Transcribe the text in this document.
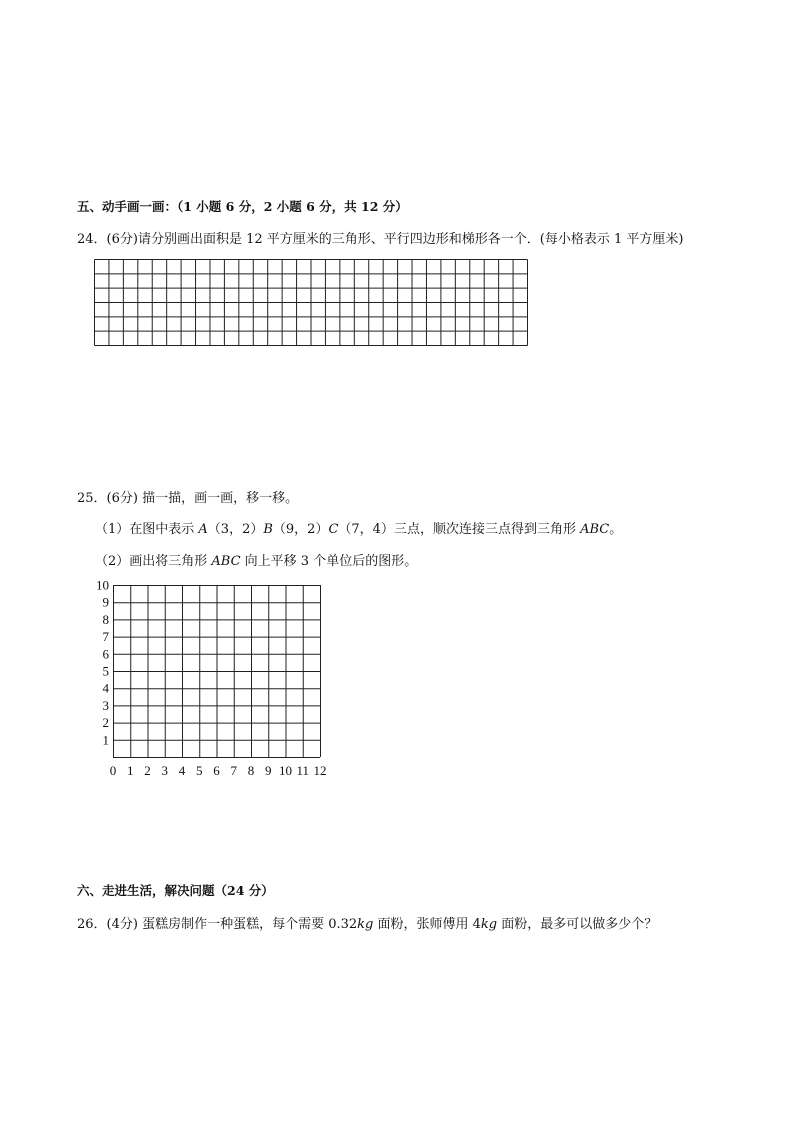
五、动手画一画：（1 小题 6 分，2 小题 6 分，共 12 分）
24．(6分)请分别画出面积是 12 平方厘米的三角形、平行四边形和梯形各一个．(每小格表示 1 平方厘米)
25．(6分) 描一描，画一画，移一移。
（1）在图中表示 A（3，2）B（9，2）C（7，4）三点，顺次连接三点得到三角形 ABC。
（2）画出将三角形 ABC 向上平移 3 个单位后的图形。
0 1 2 3 4 5 6 7 8 9 10 11 12
1
2
3
4
5
6
7
8
9
10
六、走进生活，解决问题（24 分）
26．(4分) 蛋糕房制作一种蛋糕，每个需要 0.32kg 面粉，张师傅用 4kg 面粉，最多可以做多少个？
